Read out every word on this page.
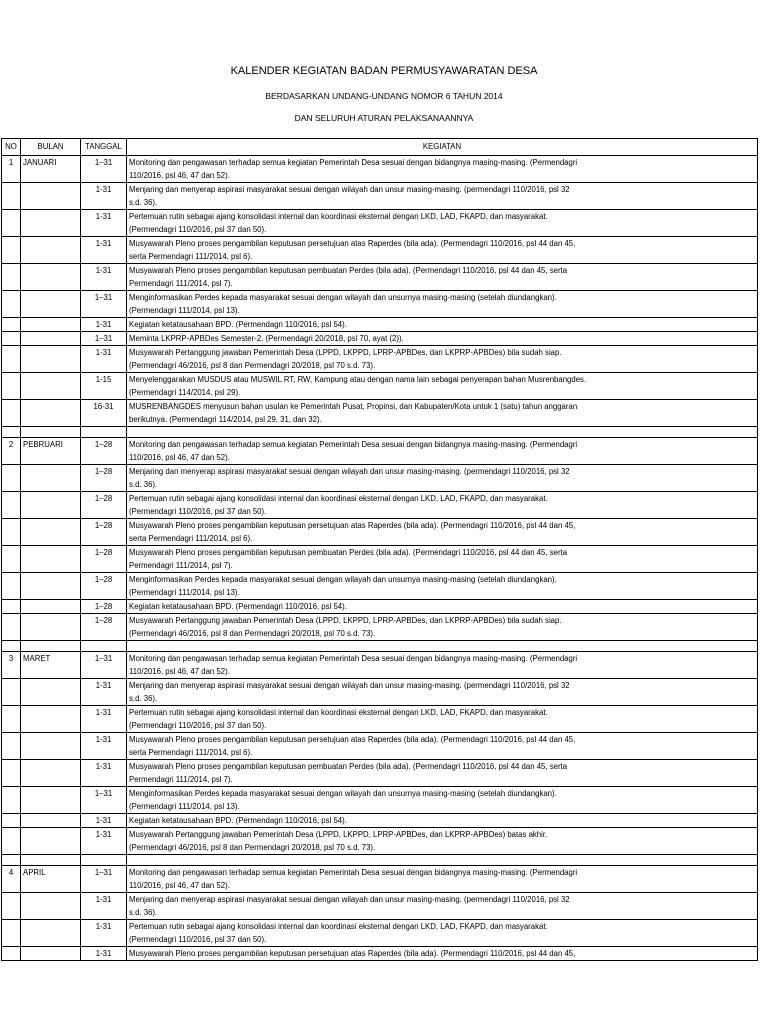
KALENDER KEGIATAN BADAN PERMUSYAWARATAN DESA
BERDASARKAN UNDANG-UNDANG NOMOR 6 TAHUN 2014
DAN SELURUH ATURAN PELAKSANAANNYA
NO	BULAN	TANGGAL	KEGIATAN
1	JANUARI	1–31	Monitoring dan pengawasan terhadap semua kegiatan Pemerintah Desa sesuai dengan bidangnya masing-masing. (Permendagri
			110/2016, psl 46, 47 dan 52).
		1-31	Menjaring dan menyerap aspirasi masyarakat sesuai dengan wilayah dan unsur masing-masing. (permendagri 110/2016, psl 32
			s.d. 36).
		1-31	Pertemuan rutin sebagai ajang konsolidasi internal dan koordinasi eksternal dengan LKD, LAD, FKAPD, dan masyarakat.
			(Permendagri 110/2016, psl 37 dan 50).
		1-31	Musyawarah Pleno proses pengambilan keputusan persetujuan atas Raperdes (bila ada). (Permendagri 110/2016, psl 44 dan 45,
			serta Permendagri 111/2014, psl 6).
		1-31	Musyawarah Pleno proses pengambilan keputusan pembuatan Perdes (bila ada). (Permendagri 110/2016, psl 44 dan 45, serta
			Permendagri 111/2014, psl 7).
		1–31	Menginformasikan Perdes kepada masyarakat sesuai dengan wilayah dan unsurnya masing-masing (setelah diundangkan).
			(Permendagri 111/2014, psl 13).
		1-31	Kegiatan ketatausahaan BPD. (Permendagri 110/2016, psl 54).
		1–31	Meminta LKPRP-APBDes Semester-2. (Permendagri 20/2018, psl 70, ayat (2)).
		1-31	Musyawarah Pertanggung jawaban Pemerintah Desa (LPPD, LKPPD, LPRP-APBDes, dan LKPRP-APBDes) bila sudah siap.
			(Permendagri 46/2016, psl 8 dan Permendagri 20/2018, psl 70 s.d. 73).
		1-15	Menyelenggarakan MUSDUS atau MUSWIL RT, RW, Kampung atau dengan nama lain sebagai penyerapan bahan Musrenbangdes.
			(Permendagri 114/2014, psl 29).
		16-31	MUSRENBANGDES menyusun bahan usulan ke Pemerintah Pusat, Propinsi, dan Kabupaten/Kota untuk 1 (satu) tahun anggaran
			berikutnya. (Permendagri 114/2014, psl 29, 31, dan 32).

2	PEBRUARI	1–28	Monitoring dan pengawasan terhadap semua kegiatan Pemerintah Desa sesuai dengan bidangnya masing-masing. (Permendagri
			110/2016, psl 46, 47 dan 52).
		1–28	Menjaring dan menyerap aspirasi masyarakat sesuai dengan wilayah dan unsur masing-masing. (permendagri 110/2016, psl 32
			s.d. 36).
		1–28	Pertemuan rutin sebagai ajang konsolidasi internal dan koordinasi eksternal dengan LKD, LAD, FKAPD, dan masyarakat.
			(Permendagri 110/2016, psl 37 dan 50).
		1–28	Musyawarah Pleno proses pengambilan keputusan persetujuan atas Raperdes (bila ada). (Permendagri 110/2016, psl 44 dan 45,
			serta Permendagri 111/2014, psl 6).
		1–28	Musyawarah Pleno proses pengambilan keputusan pembuatan Perdes (bila ada). (Permendagri 110/2016, psl 44 dan 45, serta
			Permendagri 111/2014, psl 7).
		1–28	Menginformasikan Perdes kepada masyarakat sesuai dengan wilayah dan unsurnya masing-masing (setelah diundangkan).
			(Permendagri 111/2014, psl 13).
		1–28	Kegiatan ketatausahaan BPD. (Permendagri 110/2016, psl 54).
		1–28	Musyawarah Pertanggung jawaban Pemerintah Desa (LPPD, LKPPD, LPRP-APBDes, dan LKPRP-APBDes) bila sudah siap.
			(Permendagri 46/2016, psl 8 dan Permendagri 20/2018, psl 70 s.d. 73).

3	MARET	1–31	Monitoring dan pengawasan terhadap semua kegiatan Pemerintah Desa sesuai dengan bidangnya masing-masing. (Permendagri
			110/2016, psl 46, 47 dan 52).
		1-31	Menjaring dan menyerap aspirasi masyarakat sesuai dengan wilayah dan unsur masing-masing. (permendagri 110/2016, psl 32
			s.d. 36).
		1-31	Pertemuan rutin sebagai ajang konsolidasi internal dan koordinasi eksternal dengan LKD, LAD, FKAPD, dan masyarakat.
			(Permendagri 110/2016, psl 37 dan 50).
		1-31	Musyawarah Pleno proses pengambilan keputusan persetujuan atas Raperdes (bila ada). (Permendagri 110/2016, psl 44 dan 45,
			serta Permendagri 111/2014, psl 6).
		1-31	Musyawarah Pleno proses pengambilan keputusan pembuatan Perdes (bila ada). (Permendagri 110/2016, psl 44 dan 45, serta
			Permendagri 111/2014, psl 7).
		1–31	Menginformasikan Perdes kepada masyarakat sesuai dengan wilayah dan unsurnya masing-masing (setelah diundangkan).
			(Permendagri 111/2014, psl 13).
		1-31	Kegiatan ketatausahaan BPD. (Permendagri 110/2016, psl 54).
		1-31	Musyawarah Pertanggung jawaban Pemerintah Desa (LPPD, LKPPD, LPRP-APBDes, dan LKPRP-APBDes) batas akhir.
			(Permendagri 46/2016, psl 8 dan Permendagri 20/2018, psl 70 s.d. 73).

4	APRIL	1–31	Monitoring dan pengawasan terhadap semua kegiatan Pemerintah Desa sesuai dengan bidangnya masing-masing. (Permendagri
			110/2016, psl 46, 47 dan 52).
		1-31	Menjaring dan menyerap aspirasi masyarakat sesuai dengan wilayah dan unsur masing-masing. (permendagri 110/2016, psl 32
			s.d. 36).
		1-31	Pertemuan rutin sebagai ajang konsolidasi internal dan koordinasi eksternal dengan LKD, LAD, FKAPD, dan masyarakat.
			(Permendagri 110/2016, psl 37 dan 50).
		1-31	Musyawarah Pleno proses pengambilan keputusan persetujuan atas Raperdes (bila ada). (Permendagri 110/2016, psl 44 dan 45,
